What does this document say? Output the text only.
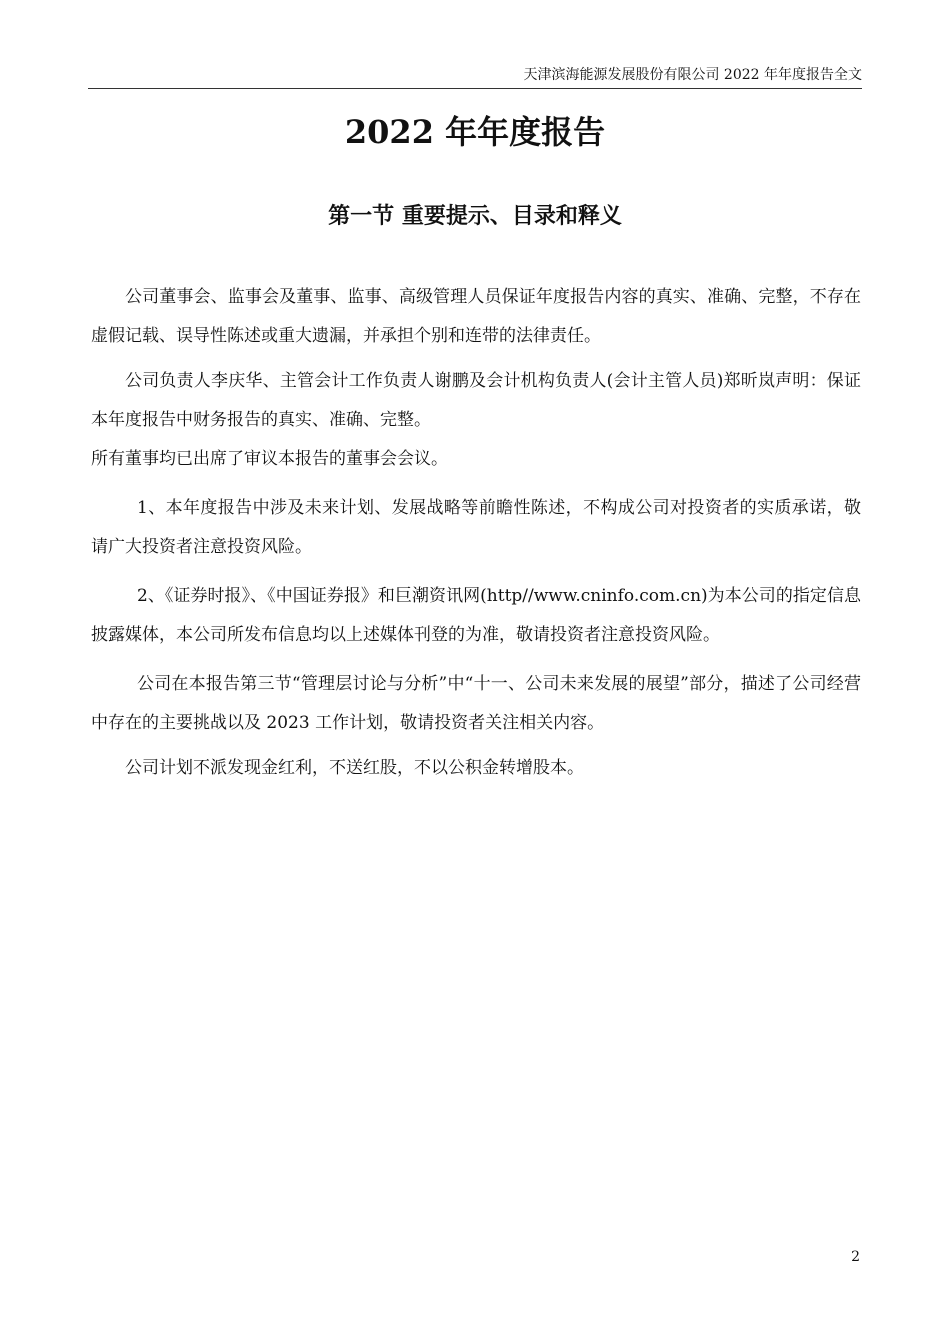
天津滨海能源发展股份有限公司 2022 年年度报告全文
2022 年年度报告
第一节 重要提示、目录和释义

公司董事会、监事会及董事、监事、高级管理人员保证年度报告内容的真实、准确、完整，不存在虚假记载、误导性陈述或重大遗漏，并承担个别和连带的法律责任。

公司负责人李庆华、主管会计工作负责人谢鹏及会计机构负责人(会计主管人员)郑昕岚声明：保证本年度报告中财务报告的真实、准确、完整。

所有董事均已出席了审议本报告的董事会会议。

1、本年度报告中涉及未来计划、发展战略等前瞻性陈述，不构成公司对投资者的实质承诺，敬请广大投资者注意投资风险。

2、《证券时报》、《中国证券报》和巨潮资讯网(http//www.cninfo.com.cn)为本公司的指定信息披露媒体，本公司所发布信息均以上述媒体刊登的为准，敬请投资者注意投资风险。

公司在本报告第三节“管理层讨论与分析”中“十一、公司未来发展的展望”部分，描述了公司经营中存在的主要挑战以及 2023 工作计划，敬请投资者关注相关内容。

公司计划不派发现金红利，不送红股，不以公积金转增股本。

2
